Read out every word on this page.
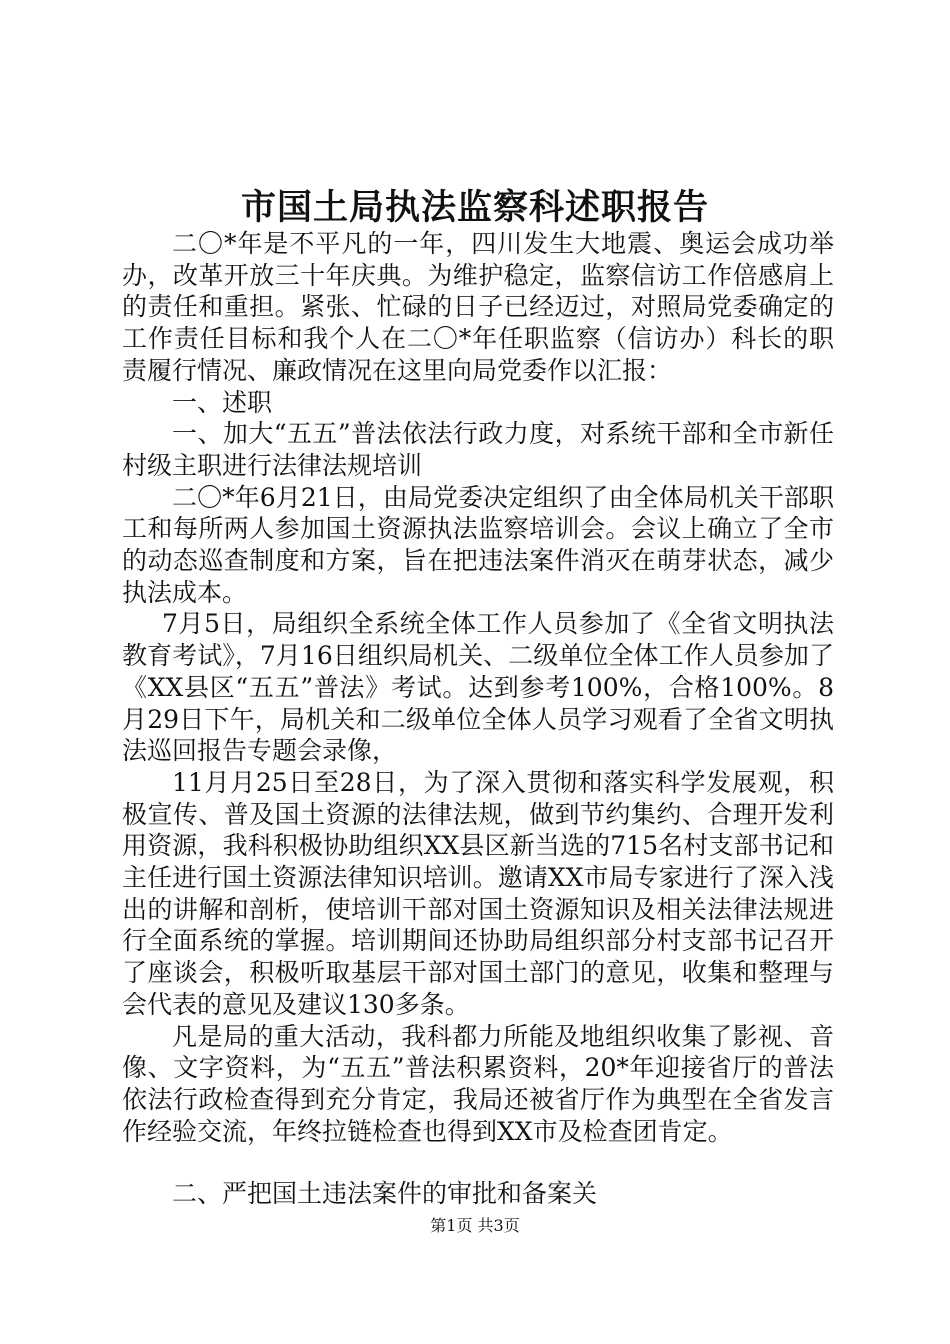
市国土局执法监察科述职报告

二〇*年是不平凡的一年，四川发生大地震、奥运会成功举办，改革开放三十年庆典。为维护稳定，监察信访工作倍感肩上的责任和重担。紧张、忙碌的日子已经迈过，对照局党委确定的工作责任目标和我个人在二〇*年任职监察（信访办）科长的职责履行情况、廉政情况在这里向局党委作以汇报：

一、述职

一、加大“五五”普法依法行政力度，对系统干部和全市新任村级主职进行法律法规培训

二〇*年6月21日，由局党委决定组织了由全体局机关干部职工和每所两人参加国土资源执法监察培训会。会议上确立了全市的动态巡查制度和方案，旨在把违法案件消灭在萌芽状态，减少执法成本。

7月5日，局组织全系统全体工作人员参加了《全省文明执法教育考试》，7月16日组织局机关、二级单位全体工作人员参加了《XX县区“五五”普法》考试。达到参考100%，合格100%。8月29日下午，局机关和二级单位全体人员学习观看了全省文明执法巡回报告专题会录像，

11月月25日至28日，为了深入贯彻和落实科学发展观，积极宣传、普及国土资源的法律法规，做到节约集约、合理开发利用资源，我科积极协助组织XX县区新当选的715名村支部书记和主任进行国土资源法律知识培训。邀请XX市局专家进行了深入浅出的讲解和剖析，使培训干部对国土资源知识及相关法律法规进行全面系统的掌握。培训期间还协助局组织部分村支部书记召开了座谈会，积极听取基层干部对国土部门的意见，收集和整理与会代表的意见及建议130多条。

凡是局的重大活动，我科都力所能及地组织收集了影视、音像、文字资料，为“五五”普法积累资料，20*年迎接省厅的普法依法行政检查得到充分肯定，我局还被省厅作为典型在全省发言作经验交流，年终拉链检查也得到XX市及检查团肯定。

二、严把国土违法案件的审批和备案关

第1页 共3页
